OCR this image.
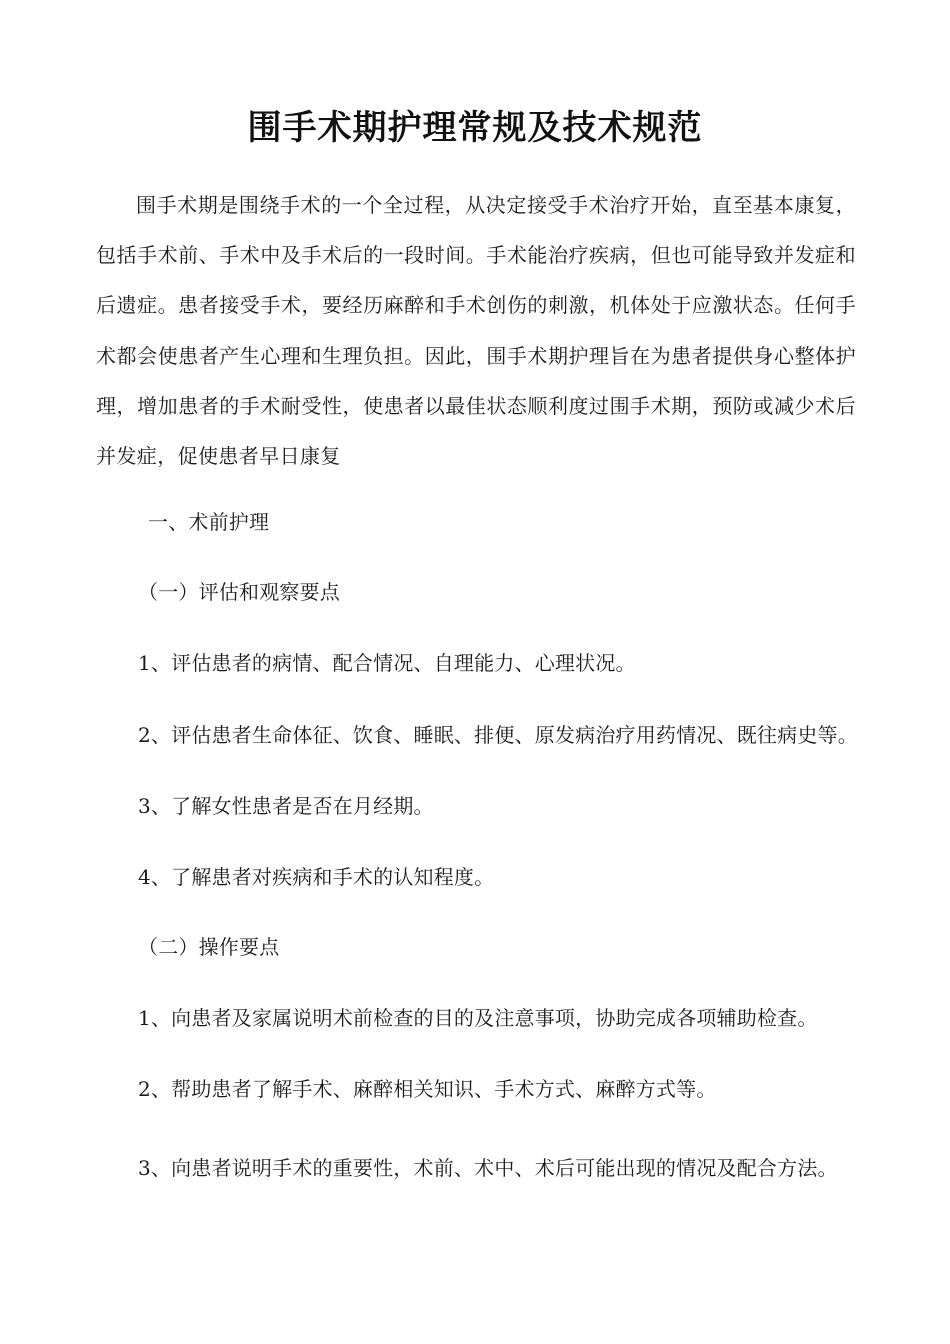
围手术期护理常规及技术规范

围手术期是围绕手术的一个全过程，从决定接受手术治疗开始，直至基本康复，包括手术前、手术中及手术后的一段时间。手术能治疗疾病，但也可能导致并发症和后遗症。患者接受手术，要经历麻醉和手术创伤的刺激，机体处于应激状态。任何手术都会使患者产生心理和生理负担。因此，围手术期护理旨在为患者提供身心整体护理，增加患者的手术耐受性，使患者以最佳状态顺利度过围手术期，预防或减少术后并发症，促使患者早日康复

一、术前护理

（一）评估和观察要点

1、评估患者的病情、配合情况、自理能力、心理状况。

2、评估患者生命体征、饮食、睡眠、排便、原发病治疗用药情况、既往病史等。

3、了解女性患者是否在月经期。

4、了解患者对疾病和手术的认知程度。

（二）操作要点

1、向患者及家属说明术前检查的目的及注意事项，协助完成各项辅助检查。

2、帮助患者了解手术、麻醉相关知识、手术方式、麻醉方式等。

3、向患者说明手术的重要性，术前、术中、术后可能出现的情况及配合方法。
